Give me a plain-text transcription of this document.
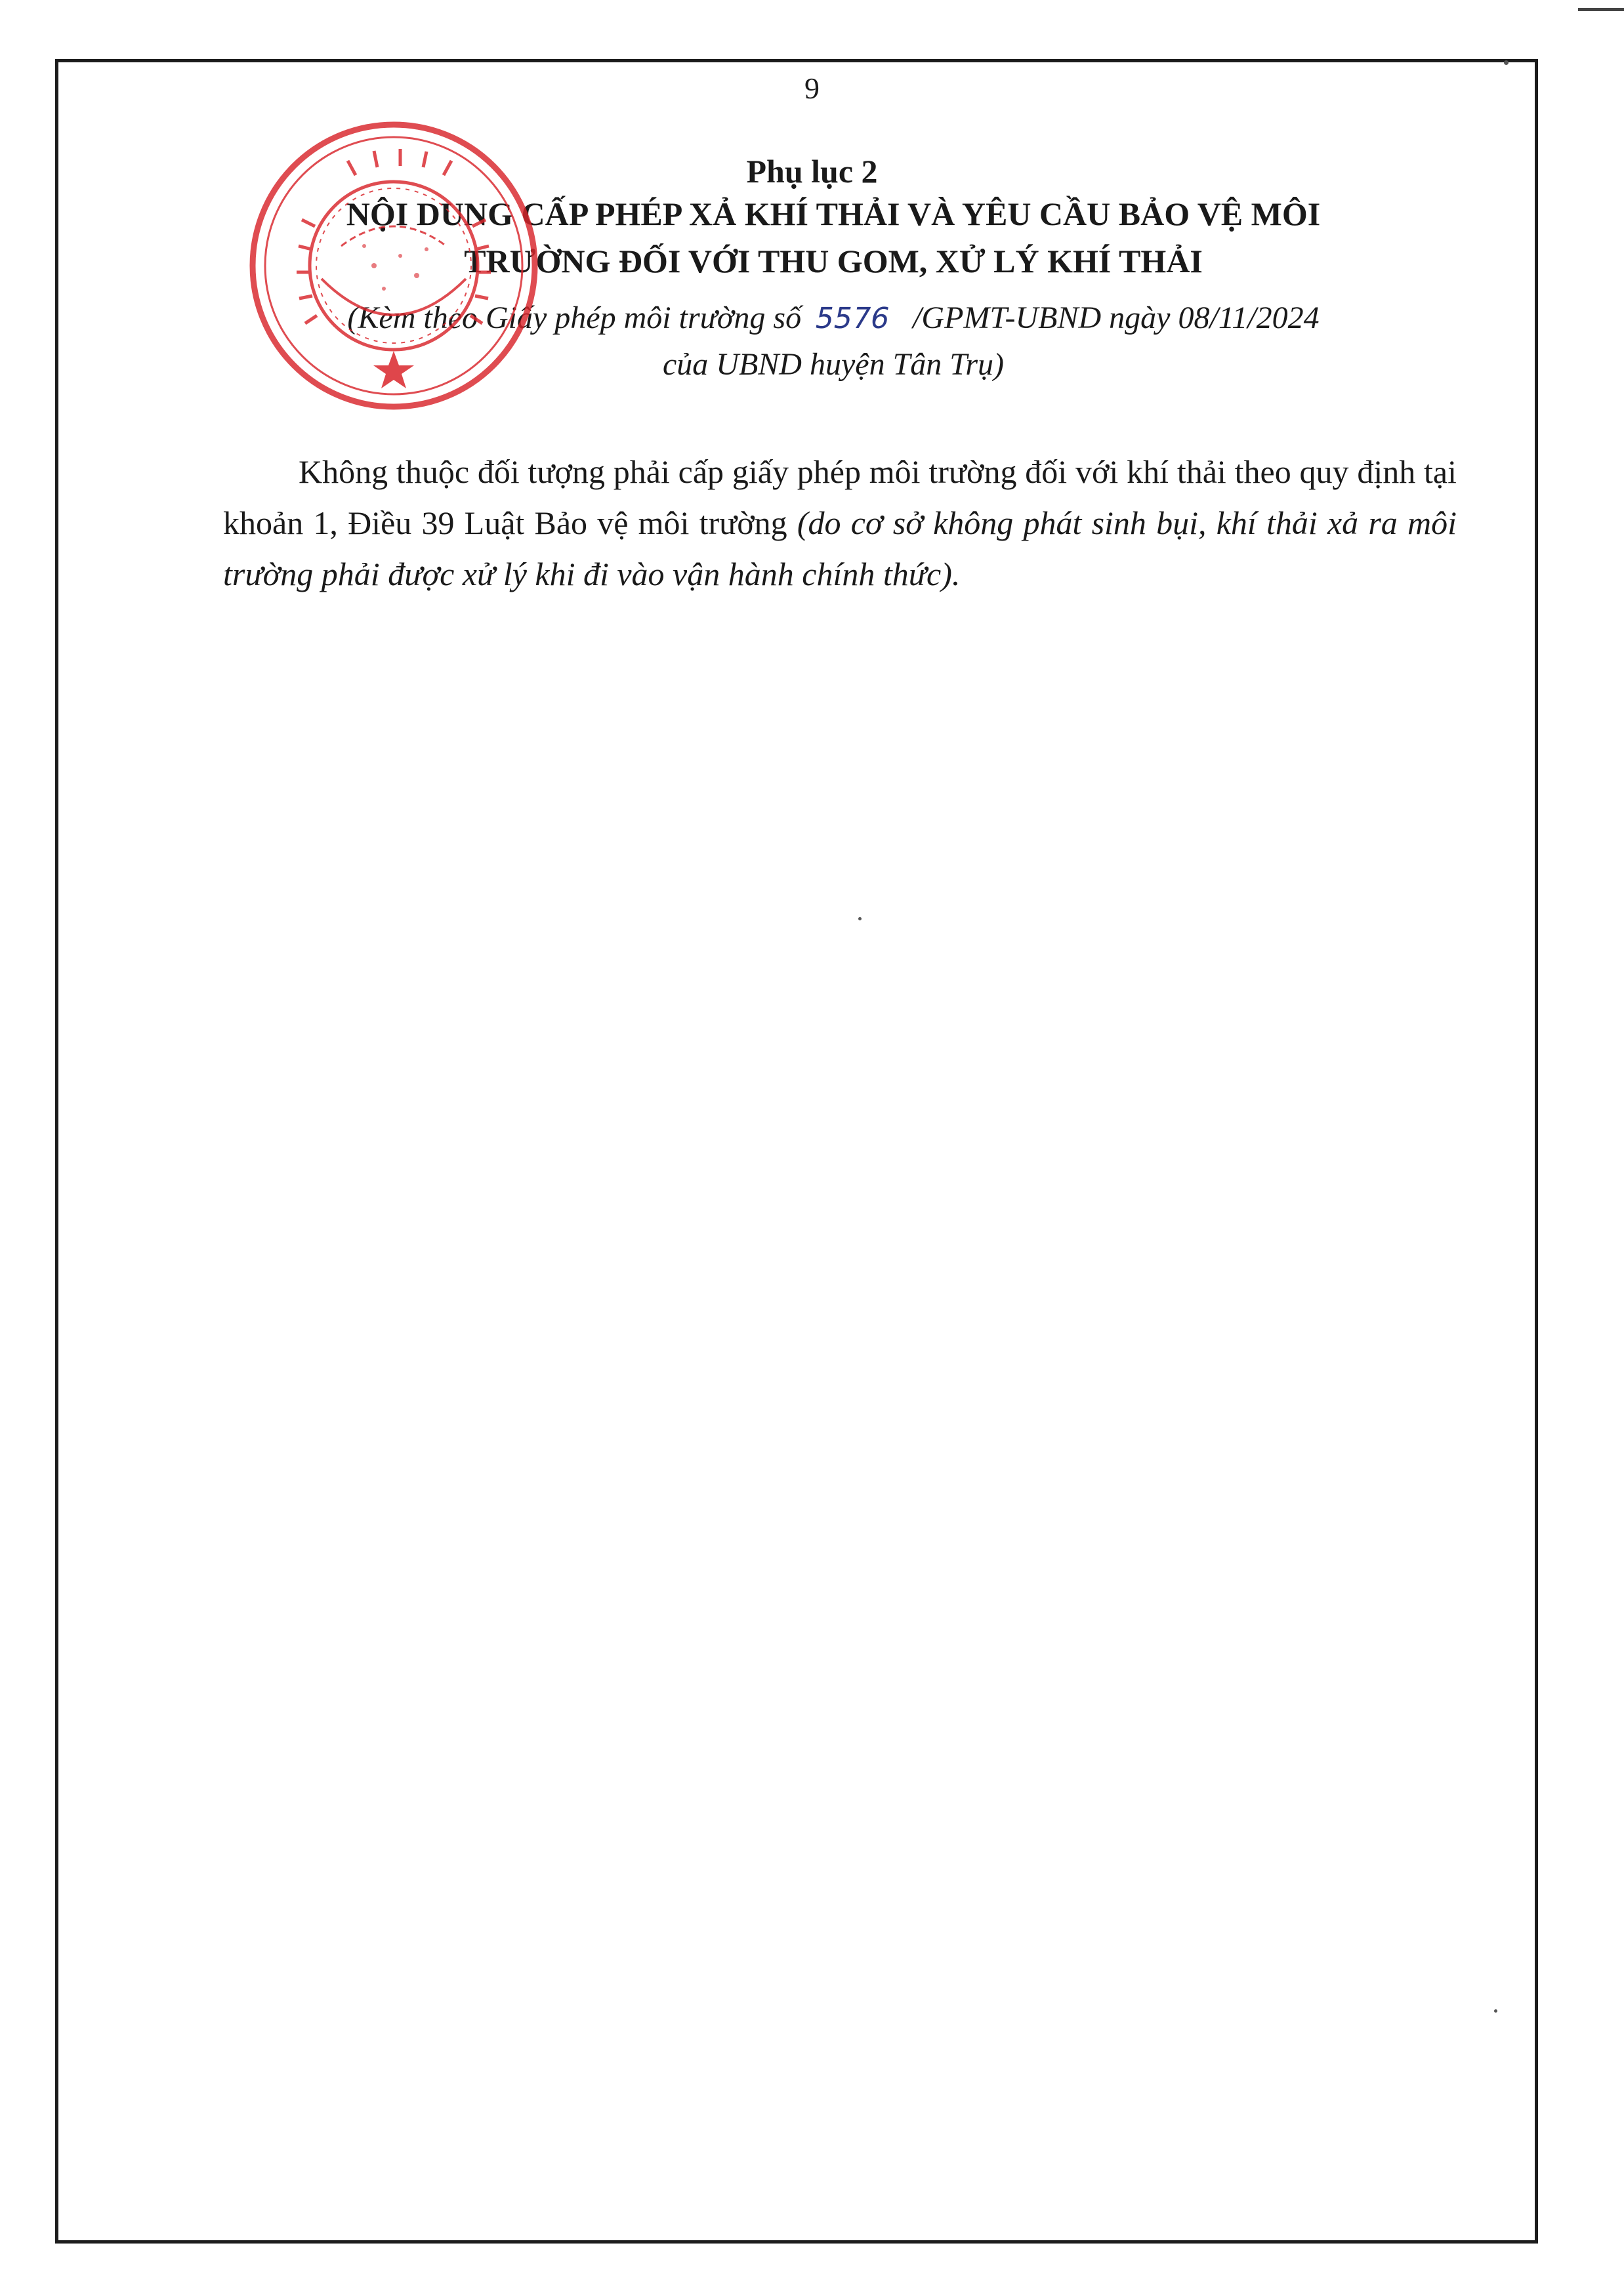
9
Phụ lục 2
NỘI DUNG CẤP PHÉP XẢ KHÍ THẢI VÀ YÊU CẦU BẢO VỆ MÔI
TRƯỜNG ĐỐI VỚI THU GOM, XỬ LÝ KHÍ THẢI
(Kèm theo Giấy phép môi trường số 5576 /GPMT-UBND ngày 08/11/2024
của UBND huyện Tân Trụ)
Không thuộc đối tượng phải cấp giấy phép môi trường đối với khí thải theo quy định tại khoản 1, Điều 39 Luật Bảo vệ môi trường (do cơ sở không phát sinh bụi, khí thải xả ra môi trường phải được xử lý khi đi vào vận hành chính thức).
